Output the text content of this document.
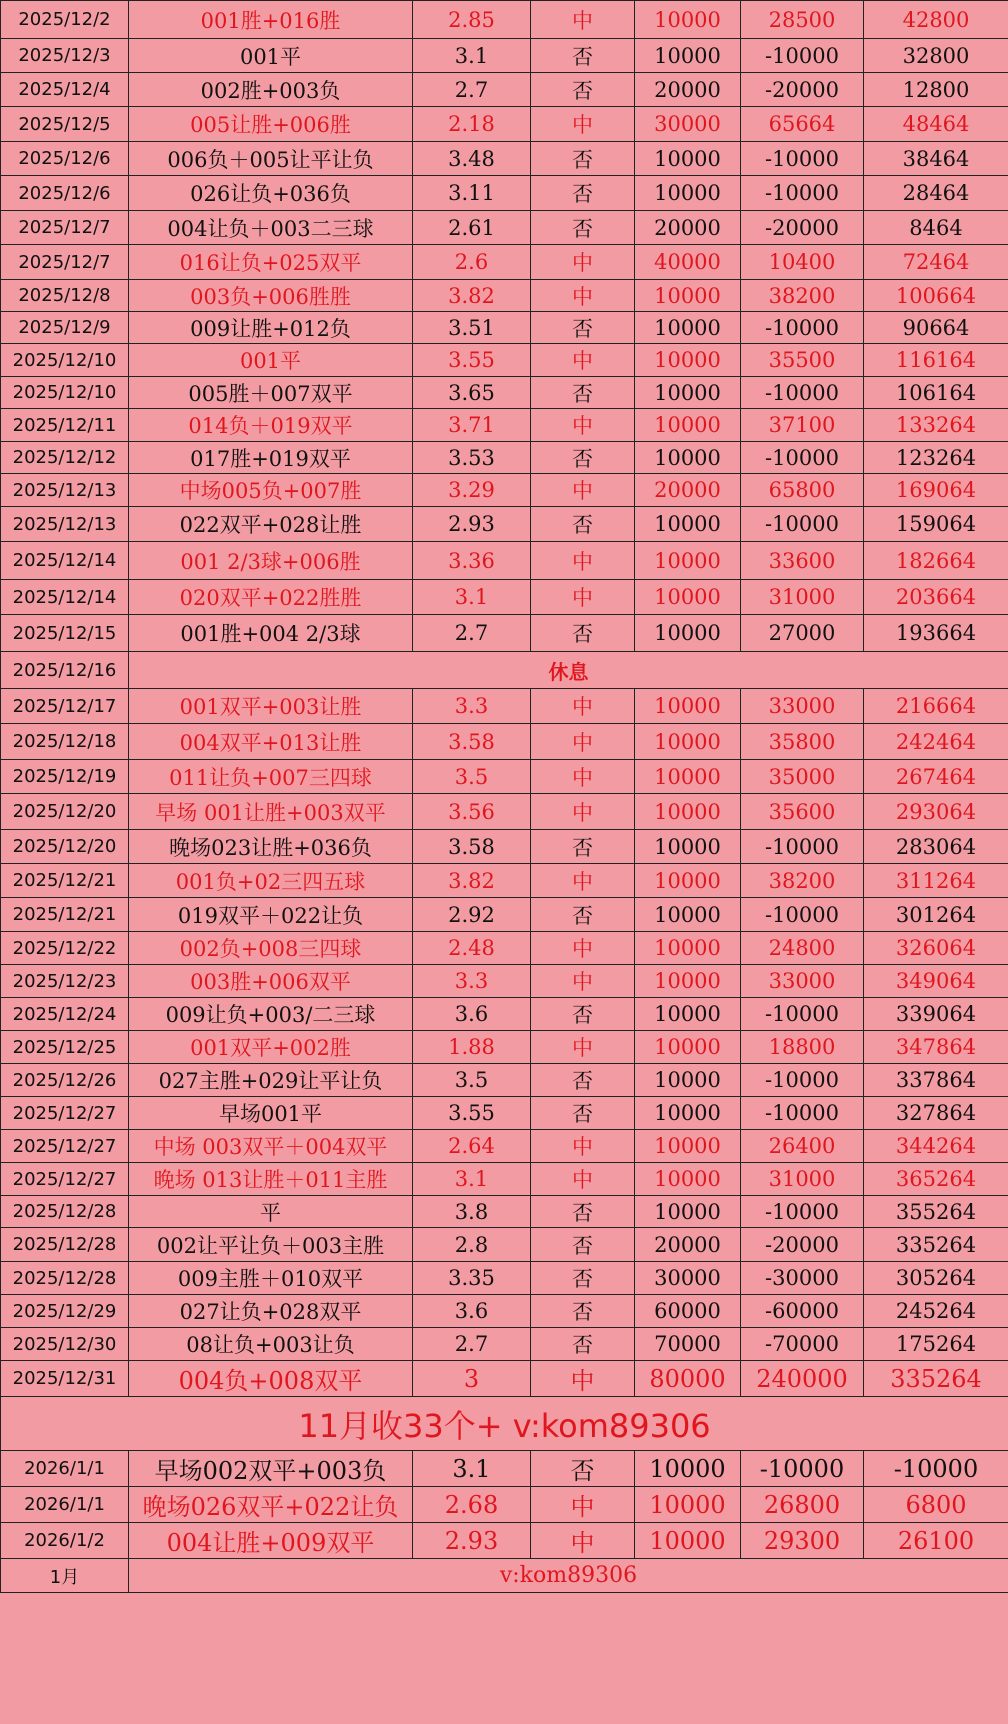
2025/12/2	001胜+016胜	2.85	中	10000	28500	42800
2025/12/3	001平	3.1	否	10000	-10000	32800
2025/12/4	002胜+003负	2.7	否	20000	-20000	12800
2025/12/5	005让胜+006胜	2.18	中	30000	65664	48464
2025/12/6	006负＋005让平让负	3.48	否	10000	-10000	38464
2025/12/6	026让负+036负	3.11	否	10000	-10000	28464
2025/12/7	004让负＋003二三球	2.61	否	20000	-20000	8464
2025/12/7	016让负+025双平	2.6	中	40000	10400	72464
2025/12/8	003负+006胜胜	3.82	中	10000	38200	100664
2025/12/9	009让胜+012负	3.51	否	10000	-10000	90664
2025/12/10	001平	3.55	中	10000	35500	116164
2025/12/10	005胜＋007双平	3.65	否	10000	-10000	106164
2025/12/11	014负＋019双平	3.71	中	10000	37100	133264
2025/12/12	017胜+019双平	3.53	否	10000	-10000	123264
2025/12/13	中场005负+007胜	3.29	中	20000	65800	169064
2025/12/13	022双平+028让胜	2.93	否	10000	-10000	159064
2025/12/14	001 2/3球+006胜	3.36	中	10000	33600	182664
2025/12/14	020双平+022胜胜	3.1	中	10000	31000	203664
2025/12/15	001胜+004 2/3球	2.7	否	10000	27000	193664
2025/12/16	休息					
2025/12/17	001双平+003让胜	3.3	中	10000	33000	216664
2025/12/18	004双平+013让胜	3.58	中	10000	35800	242464
2025/12/19	011让负+007三四球	3.5	中	10000	35000	267464
2025/12/20	早场 001让胜+003双平	3.56	中	10000	35600	293064
2025/12/20	晚场023让胜+036负	3.58	否	10000	-10000	283064
2025/12/21	001负+02三四五球	3.82	中	10000	38200	311264
2025/12/21	019双平＋022让负	2.92	否	10000	-10000	301264
2025/12/22	002负+008三四球	2.48	中	10000	24800	326064
2025/12/23	003胜+006双平	3.3	中	10000	33000	349064
2025/12/24	009让负+003/二三球	3.6	否	10000	-10000	339064
2025/12/25	001双平+002胜	1.88	中	10000	18800	347864
2025/12/26	027主胜+029让平让负	3.5	否	10000	-10000	337864
2025/12/27	早场001平	3.55	否	10000	-10000	327864
2025/12/27	中场 003双平＋004双平	2.64	中	10000	26400	344264
2025/12/27	晚场 013让胜＋011主胜	3.1	中	10000	31000	365264
2025/12/28	平	3.8	否	10000	-10000	355264
2025/12/28	002让平让负＋003主胜	2.8	否	20000	-20000	335264
2025/12/28	009主胜＋010双平	3.35	否	30000	-30000	305264
2025/12/29	027让负+028双平	3.6	否	60000	-60000	245264
2025/12/30	08让负+003让负	2.7	否	70000	-70000	175264
2025/12/31	004负+008双平	3	中	80000	240000	335264
11月收33个+ v:kom89306						
2026/1/1	早场002双平+003负	3.1	否	10000	-10000	-10000
2026/1/1	晚场026双平+022让负	2.68	中	10000	26800	6800
2026/1/2	004让胜+009双平	2.93	中	10000	29300	26100
1月	v:kom89306					
